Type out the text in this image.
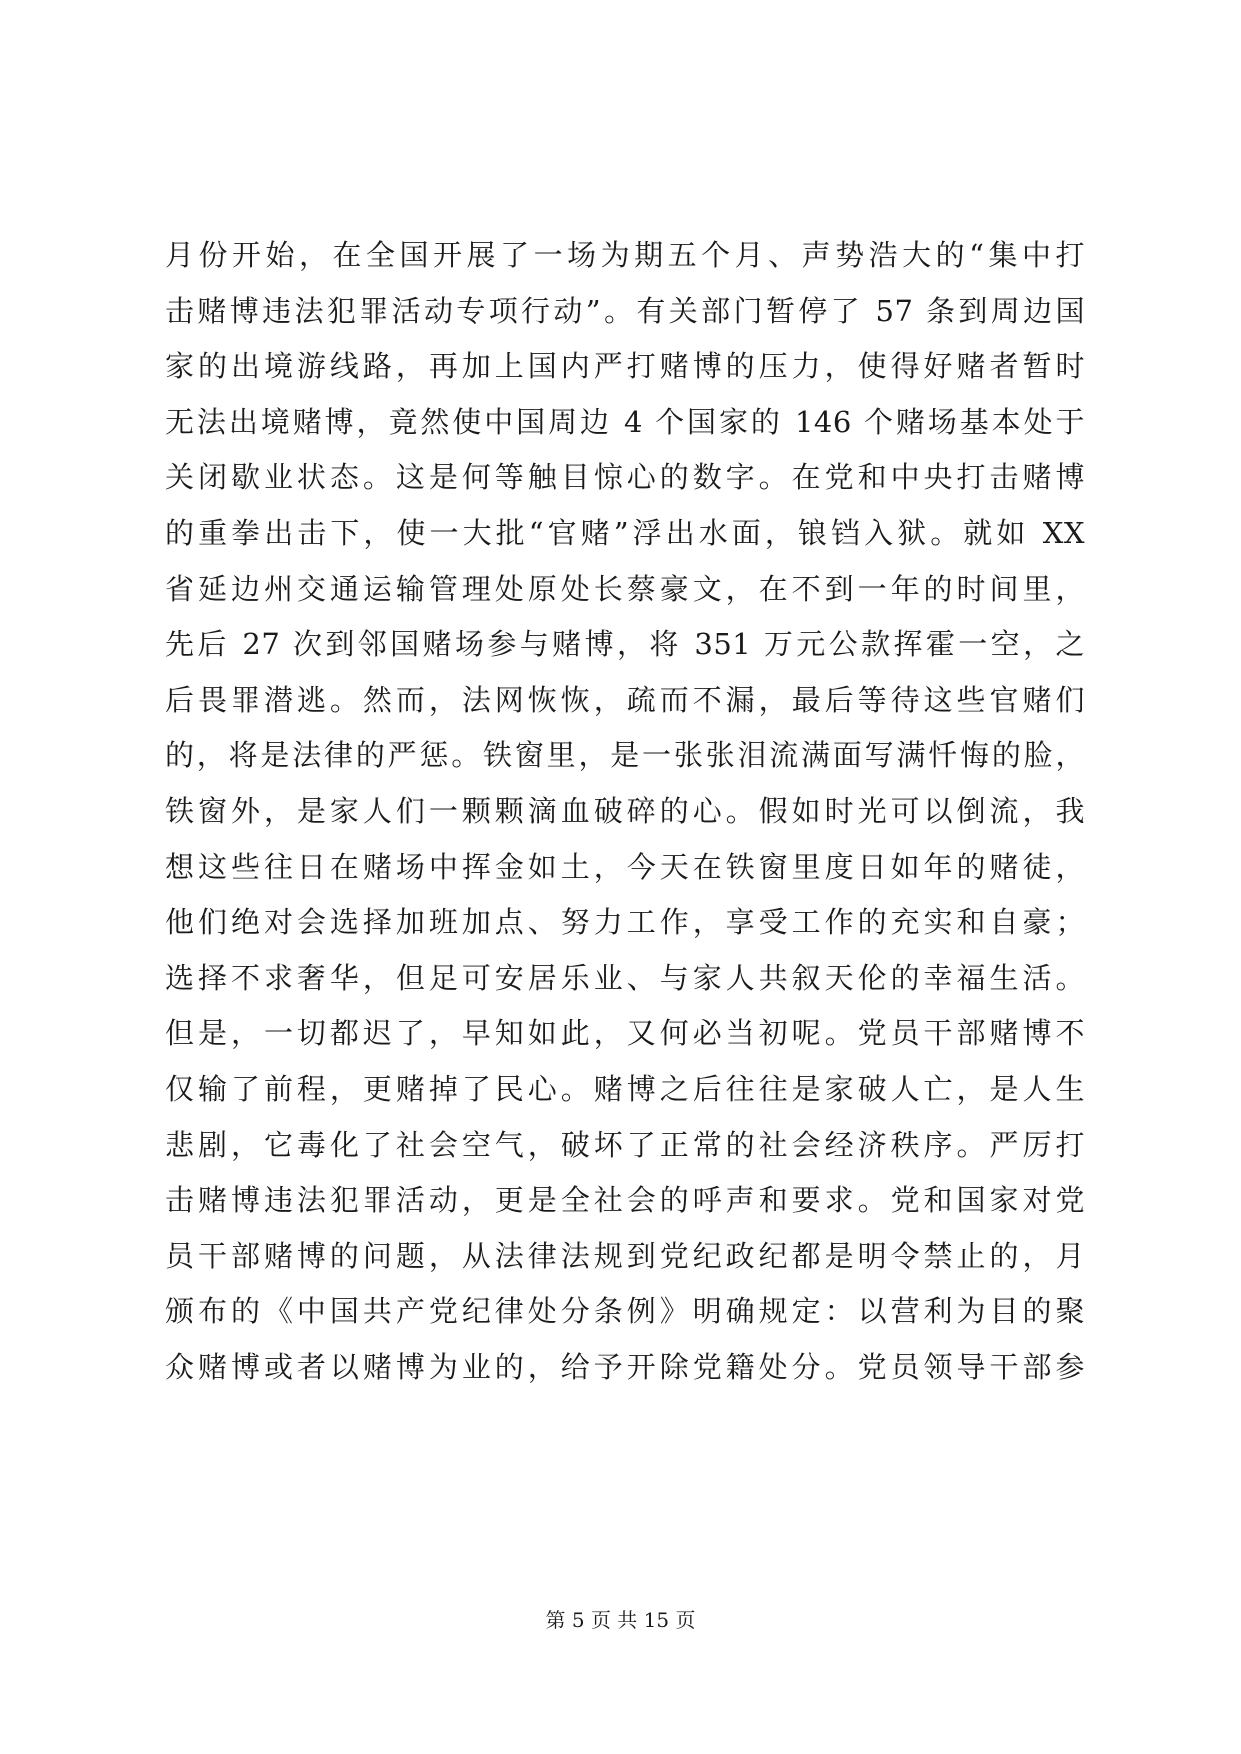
月份开始，在全国开展了一场为期五个月、声势浩大的“集中打
击赌博违法犯罪活动专项行动”。有关部门暂停了 57 条到周边国
家的出境游线路，再加上国内严打赌博的压力，使得好赌者暂时
无法出境赌博，竟然使中国周边 4 个国家的 146 个赌场基本处于
关闭歇业状态。这是何等触目惊心的数字。在党和中央打击赌博
的重拳出击下，使一大批“官赌”浮出水面，锒铛入狱。就如 XX
省延边州交通运输管理处原处长蔡豪文，在不到一年的时间里，
先后 27 次到邻国赌场参与赌博，将 351 万元公款挥霍一空，之
后畏罪潜逃。然而，法网恢恢，疏而不漏，最后等待这些官赌们
的，将是法律的严惩。铁窗里，是一张张泪流满面写满忏悔的脸，
铁窗外，是家人们一颗颗滴血破碎的心。假如时光可以倒流，我
想这些往日在赌场中挥金如土，今天在铁窗里度日如年的赌徒，
他们绝对会选择加班加点、努力工作，享受工作的充实和自豪；
选择不求奢华，但足可安居乐业、与家人共叙天伦的幸福生活。
但是，一切都迟了，早知如此，又何必当初呢。党员干部赌博不
仅输了前程，更赌掉了民心。赌博之后往往是家破人亡，是人生
悲剧，它毒化了社会空气，破坏了正常的社会经济秩序。严厉打
击赌博违法犯罪活动，更是全社会的呼声和要求。党和国家对党
员干部赌博的问题，从法律法规到党纪政纪都是明令禁止的，月
颁布的《中国共产党纪律处分条例》明确规定：以营利为目的聚
众赌博或者以赌博为业的，给予开除党籍处分。党员领导干部参
第 5 页 共 15 页
